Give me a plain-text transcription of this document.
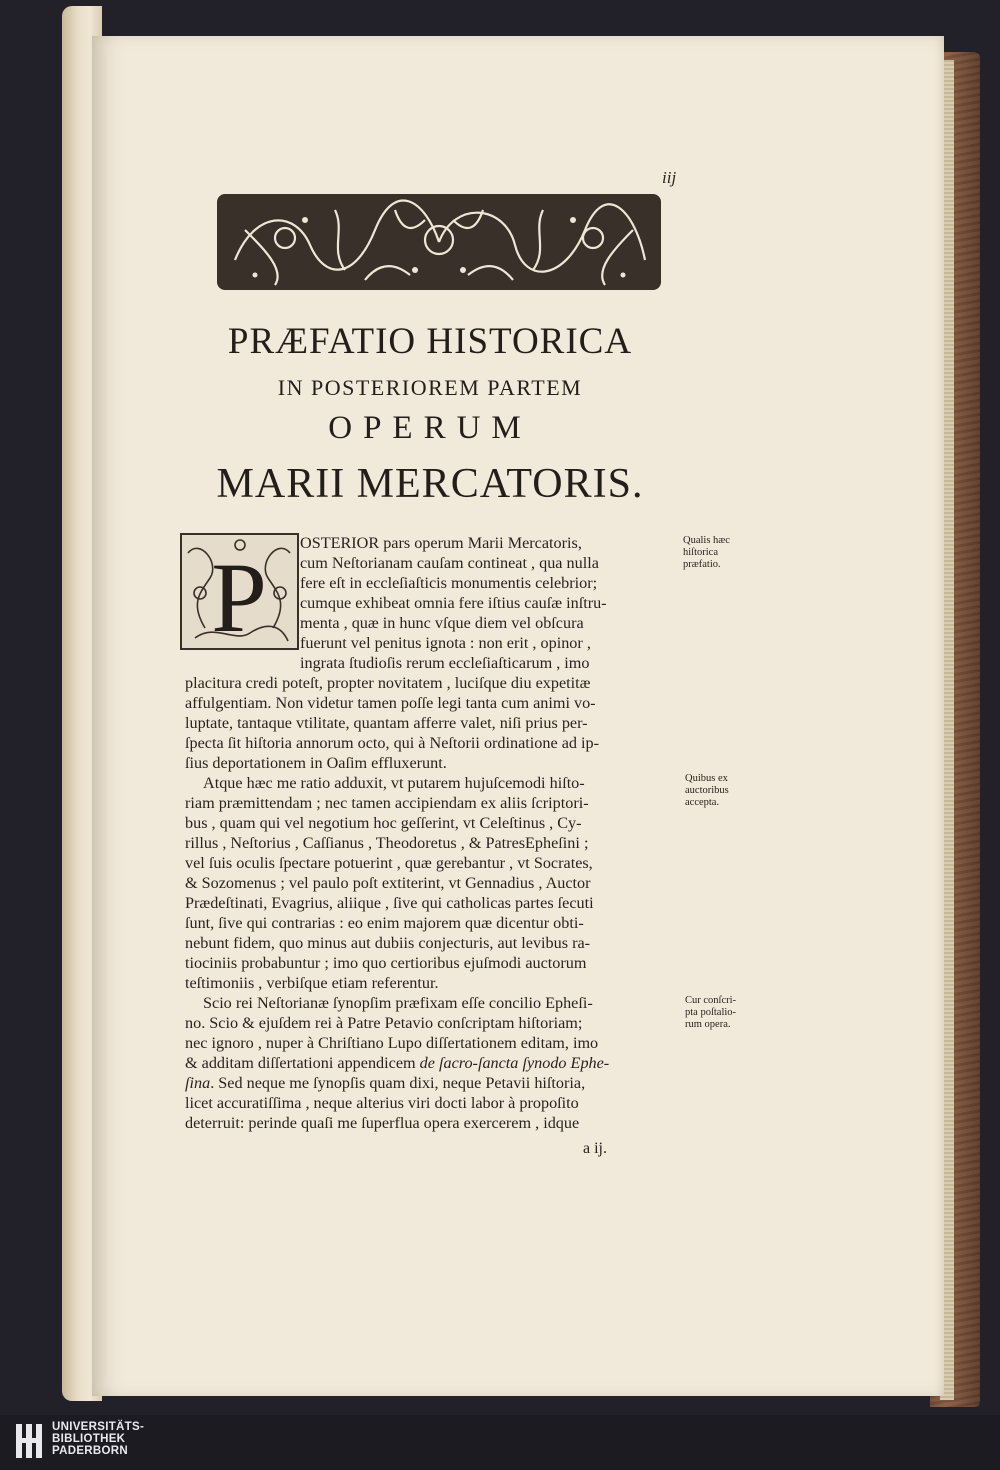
iij
PRÆFATIO HISTORICA
IN POSTERIOREM PARTEM
OPERUM
MARII MERCATORIS.
P OSTERIOR pars operum Marii Mercatoris,
cum Neſtorianam cauſam contineat , qua nulla
fere eſt in eccleſiaſticis monumentis celebrior;
cumque exhibeat omnia fere iſtius cauſæ inſtru-
menta , quæ in hunc vſque diem vel obſcura
fuerunt vel penitus ignota : non erit , opinor ,
ingrata ſtudioſis rerum eccleſiaſticarum , imo
placitura credi poteſt, propter novitatem , luciſque diu expetitæ
affulgentiam. Non videtur tamen poſſe legi tanta cum animi vo-
luptate, tantaque vtilitate, quantam afferre valet, niſi prius per-
ſpecta ſit hiſtoria annorum octo, qui à Neſtorii ordinatione ad ip-
ſius deportationem in Oaſim effluxerunt.
Atque hæc me ratio adduxit, vt putarem hujuſcemodi hiſto-
riam præmittendam ; nec tamen accipiendam ex aliis ſcriptori-
bus , quam qui vel negotium hoc geſſerint, vt Celeſtinus , Cy-
rillus , Neſtorius , Caſſianus , Theodoretus , & PatresEpheſini ;
vel ſuis oculis ſpectare potuerint , quæ gerebantur , vt Socrates,
& Sozomenus ; vel paulo poſt extiterint, vt Gennadius , Auctor
Prædeſtinati, Evagrius, aliique , ſive qui catholicas partes ſecuti
ſunt, ſive qui contrarias : eo enim majorem quæ dicentur obti-
nebunt fidem, quo minus aut dubiis conjecturis, aut levibus ra-
tiociniis probabuntur ; imo quo certioribus ejuſmodi auctorum
teſtimoniis , verbiſque etiam referentur.
Scio rei Neſtorianæ ſynopſim præfixam eſſe concilio Epheſi-
no. Scio & ejuſdem rei à Patre Petavio conſcriptam hiſtoriam;
nec ignoro , nuper à Chriſtiano Lupo diſſertationem editam, imo
& additam diſſertationi appendicem de ſacro-ſancta ſynodo Ephe-
ſina. Sed neque me ſynopſis quam dixi, neque Petavii hiſtoria,
licet accuratiſſima , neque alterius viri docti labor à propoſito
deterruit: perinde quaſi me ſuperflua opera exercerem , idque
Qualis hæc
hiſtorica
præfatio.
Quibus ex
auctoribus
accepta.
Cur conſcri-
pta poſtalio-
rum opera.
a ij.
UNIVERSITÄTS-
BIBLIOTHEK
PADERBORN
